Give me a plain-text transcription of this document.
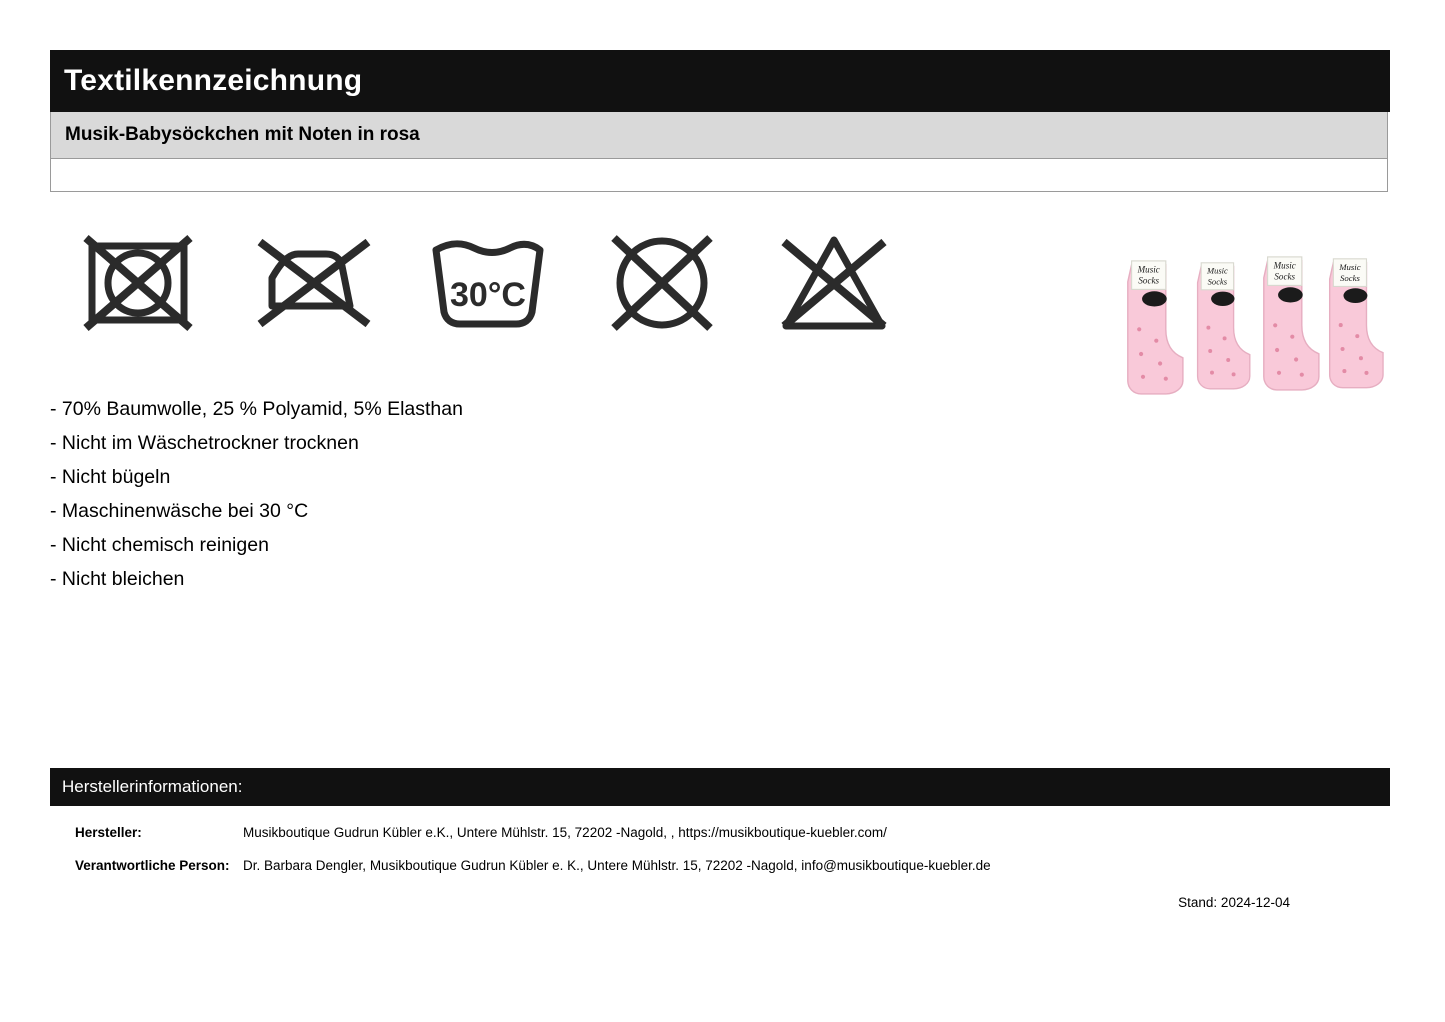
Textilkennzeichnung
Musik-Babysöckchen mit Noten in rosa
30°C
Music
Socks
Music
Socks
Music
Socks
Music
Socks
- 70% Baumwolle, 25 % Polyamid, 5% Elasthan
- Nicht im Wäschetrockner trocknen
- Nicht bügeln
- Maschinenwäsche bei 30 °C
- Nicht chemisch reinigen
- Nicht bleichen
Herstellerinformationen:
Hersteller:	Musikboutique Gudrun Kübler e.K., Untere Mühlstr. 15, 72202 -Nagold, , https://musikboutique-kuebler.com/
Verantwortliche Person: Dr. Barbara Dengler, Musikboutique Gudrun Kübler e. K., Untere Mühlstr. 15, 72202 -Nagold, info@musikboutique-kuebler.de
Stand: 2024-12-04
